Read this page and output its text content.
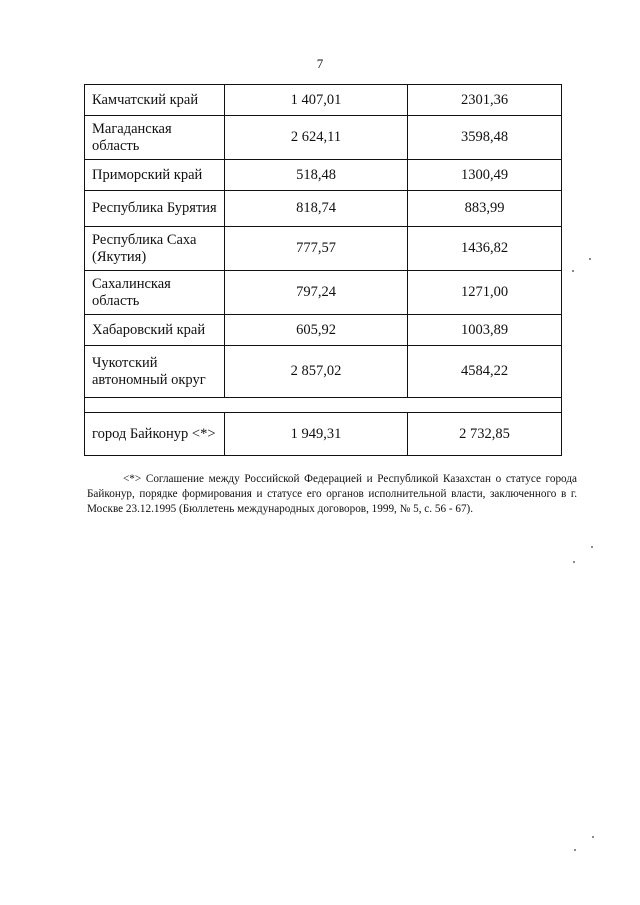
7
Камчатский край	1 407,01	2301,36
Магаданская область	2 624,11	3598,48
Приморский край	518,48	1300,49
Республика Бурятия	818,74	883,99
Республика Саха (Якутия)	777,57	1436,82
Сахалинская область	797,24	1271,00
Хабаровский край	605,92	1003,89
Чукотский автономный округ	2 857,02	4584,22

город Байконур <*>	1 949,31	2 732,85
<*> Соглашение между Российской Федерацией и Республикой Казахстан о статусе города Байконур, порядке формирования и статусе его органов исполнительной власти, заключенного в г. Москве 23.12.1995 (Бюллетень международных договоров, 1999, № 5, с. 56 - 67).
